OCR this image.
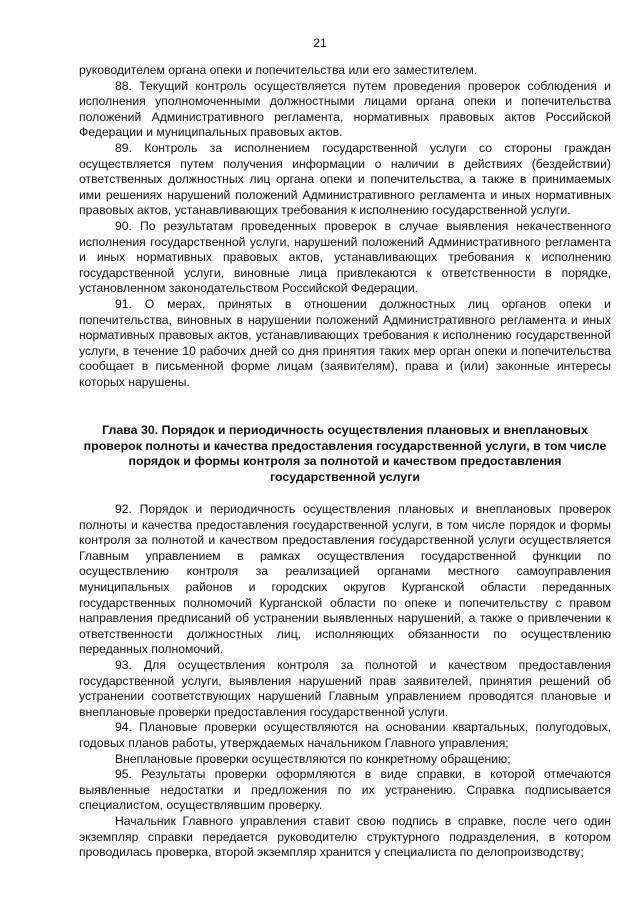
21

руководителем органа опеки и попечительства или его заместителем.

88. Текущий контроль осуществляется путем проведения проверок соблюдения и исполнения уполномоченными должностными лицами органа опеки и попечительства положений Административного регламента, нормативных правовых актов Российской Федерации и муниципальных правовых актов.

89. Контроль за исполнением государственной услуги со стороны граждан осуществляется путем получения информации о наличии в действиях (бездействии) ответственных должностных лиц органа опеки и попечительства, а также в принимаемых ими решениях нарушений положений Административного регламента и иных нормативных правовых актов, устанавливающих требования к исполнению государственной услуги.

90. По результатам проведенных проверок в случае выявления некачественного исполнения государственной услуги, нарушений положений Административного регламента и иных нормативных правовых актов, устанавливающих требования к исполнению государственной услуги, виновные лица привлекаются к ответственности в порядке, установленном законодательством Российской Федерации.

91. О мерах, принятых в отношении должностных лиц органов опеки и попечительства, виновных в нарушении положений Административного регламента и иных нормативных правовых актов, устанавливающих требования к исполнению государственной услуги, в течение 10 рабочих дней со дня принятия таких мер орган опеки и попечительства сообщает в письменной форме лицам (заявителям), права и (или) законные интересы которых нарушены.

Глава 30. Порядок и периодичность осуществления плановых и внеплановых проверок полноты и качества предоставления государственной услуги, в том числе порядок и формы контроля за полнотой и качеством предоставления государственной услуги

92. Порядок и периодичность осуществления плановых и внеплановых проверок полноты и качества предоставления государственной услуги, в том числе порядок и формы контроля за полнотой и качеством предоставления государственной услуги осуществляется Главным управлением в рамках осуществления государственной функции по осуществлению контроля за реализацией органами местного самоуправления муниципальных районов и городских округов Курганской области переданных государственных полномочий Курганской области по опеке и попечительству с правом направления предписаний об устранении выявленных нарушений, а также о привлечении к ответственности должностных лиц, исполняющих обязанности по осуществлению переданных полномочий.

93. Для осуществления контроля за полнотой и качеством предоставления государственной услуги, выявления нарушений прав заявителей, принятия решений об устранении соответствующих нарушений Главным управлением проводятся плановые и внеплановые проверки предоставления государственной услуги.

94. Плановые проверки осуществляются на основании квартальных, полугодовых, годовых планов работы, утверждаемых начальником Главного управления;

Внеплановые проверки осуществляются по конкретному обращению;

95. Результаты проверки оформляются в виде справки, в которой отмечаются выявленные недостатки и предложения по их устранению. Справка подписывается специалистом, осуществлявшим проверку.

Начальник Главного управления ставит свою подпись в справке, после чего один экземпляр справки передается руководителю структурного подразделения, в котором проводилась проверка, второй экземпляр хранится у специалиста по делопроизводству;
